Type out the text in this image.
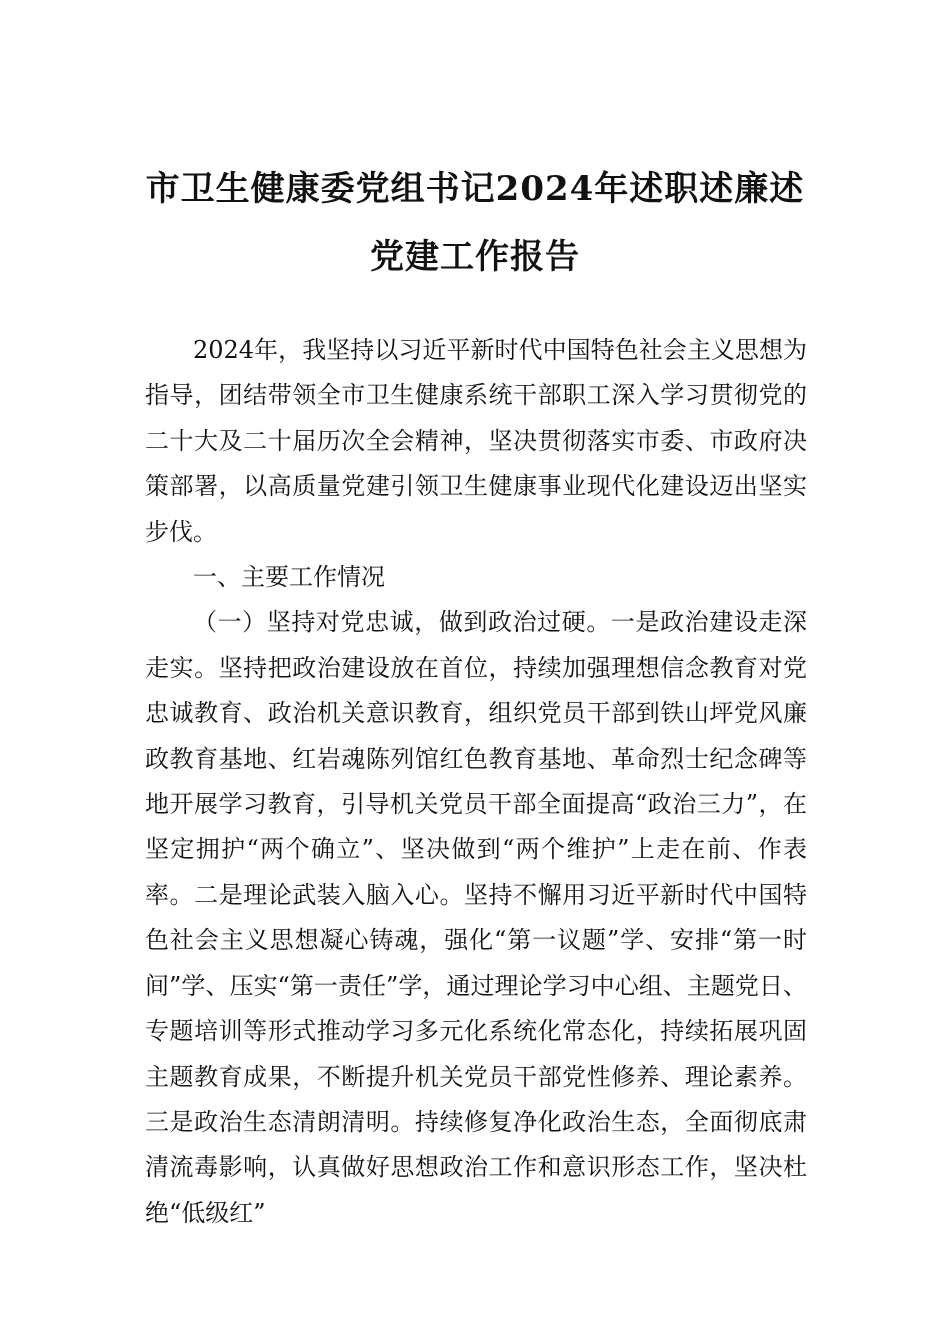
市卫生健康委党组书记2024年述职述廉述
党建工作报告

2024年，我坚持以习近平新时代中国特色社会主义思想为指导，团结带领全市卫生健康系统干部职工深入学习贯彻党的二十大及二十届历次全会精神，坚决贯彻落实市委、市政府决策部署，以高质量党建引领卫生健康事业现代化建设迈出坚实步伐。

一、主要工作情况

（一）坚持对党忠诚，做到政治过硬。一是政治建设走深走实。坚持把政治建设放在首位，持续加强理想信念教育对党忠诚教育、政治机关意识教育，组织党员干部到铁山坪党风廉政教育基地、红岩魂陈列馆红色教育基地、革命烈士纪念碑等地开展学习教育，引导机关党员干部全面提高“政治三力”，在坚定拥护“两个确立”、坚决做到“两个维护”上走在前、作表率。二是理论武装入脑入心。坚持不懈用习近平新时代中国特色社会主义思想凝心铸魂，强化“第一议题”学、安排“第一时间”学、压实“第一责任”学，通过理论学习中心组、主题党日、专题培训等形式推动学习多元化系统化常态化，持续拓展巩固主题教育成果，不断提升机关党员干部党性修养、理论素养。三是政治生态清朗清明。持续修复净化政治生态，全面彻底肃清流毒影响，认真做好思想政治工作和意识形态工作，坚决杜绝“低级红”
